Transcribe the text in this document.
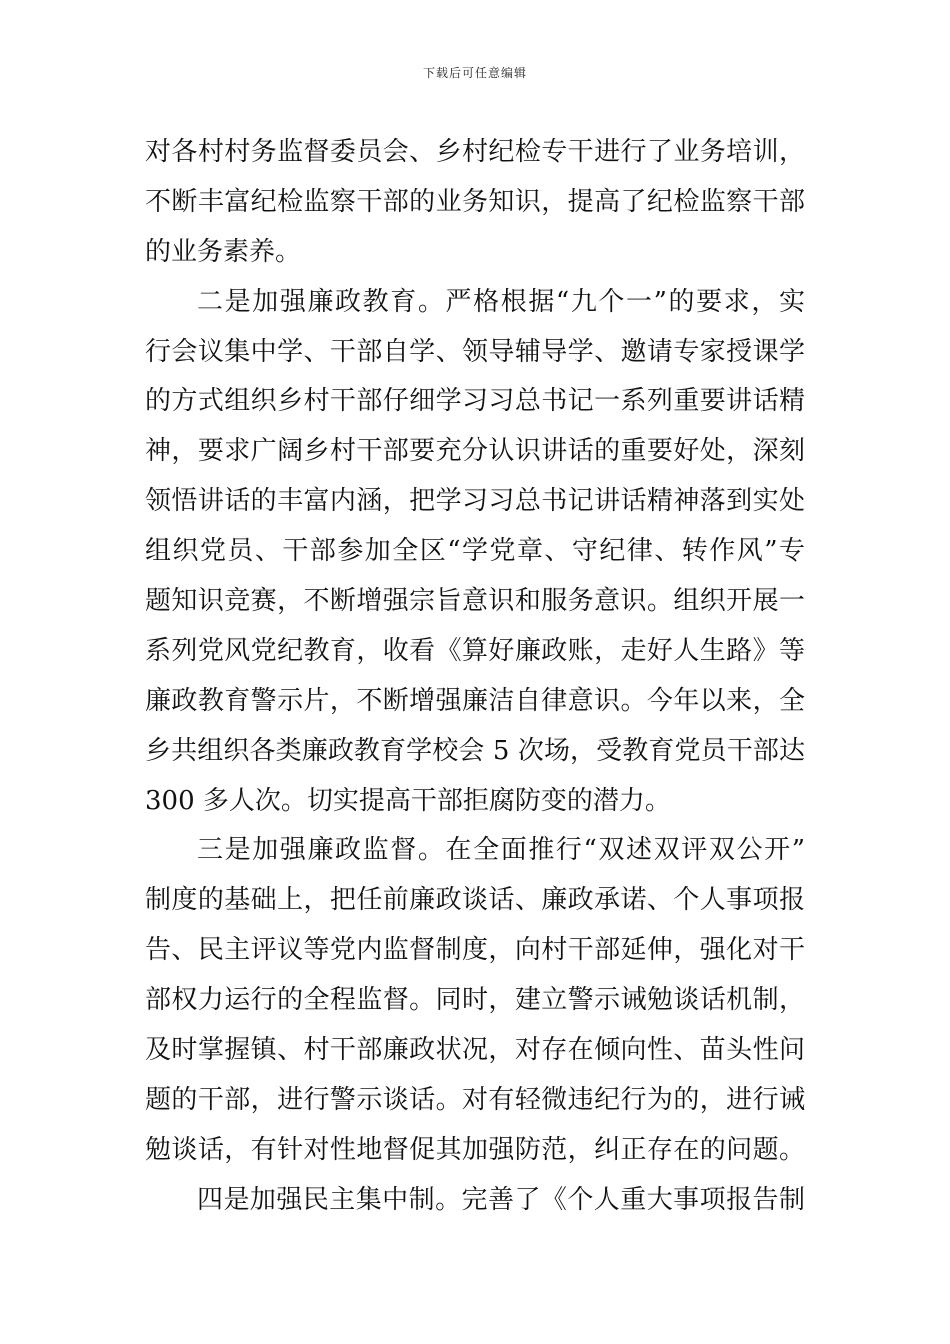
下载后可任意编辑
对各村村务监督委员会、乡村纪检专干进行了业务培训，
不断丰富纪检监察干部的业务知识，提高了纪检监察干部
的业务素养。
二是加强廉政教育。严格根据“九个一”的要求，实
行会议集中学、干部自学、领导辅导学、邀请专家授课学
的方式组织乡村干部仔细学习习总书记一系列重要讲话精
神，要求广阔乡村干部要充分认识讲话的重要好处，深刻
领悟讲话的丰富内涵，把学习习总书记讲话精神落到实处
组织党员、干部参加全区“学党章、守纪律、转作风”专
题知识竞赛，不断增强宗旨意识和服务意识。组织开展一
系列党风党纪教育，收看《算好廉政账，走好人生路》等
廉政教育警示片，不断增强廉洁自律意识。今年以来，全
乡共组织各类廉政教育学校会 5 次场，受教育党员干部达
300 多人次。切实提高干部拒腐防变的潜力。
三是加强廉政监督。在全面推行“双述双评双公开”
制度的基础上，把任前廉政谈话、廉政承诺、个人事项报
告、民主评议等党内监督制度，向村干部延伸，强化对干
部权力运行的全程监督。同时，建立警示诫勉谈话机制，
及时掌握镇、村干部廉政状况，对存在倾向性、苗头性问
题的干部，进行警示谈话。对有轻微违纪行为的，进行诫
勉谈话，有针对性地督促其加强防范，纠正存在的问题。
四是加强民主集中制。完善了《个人重大事项报告制
